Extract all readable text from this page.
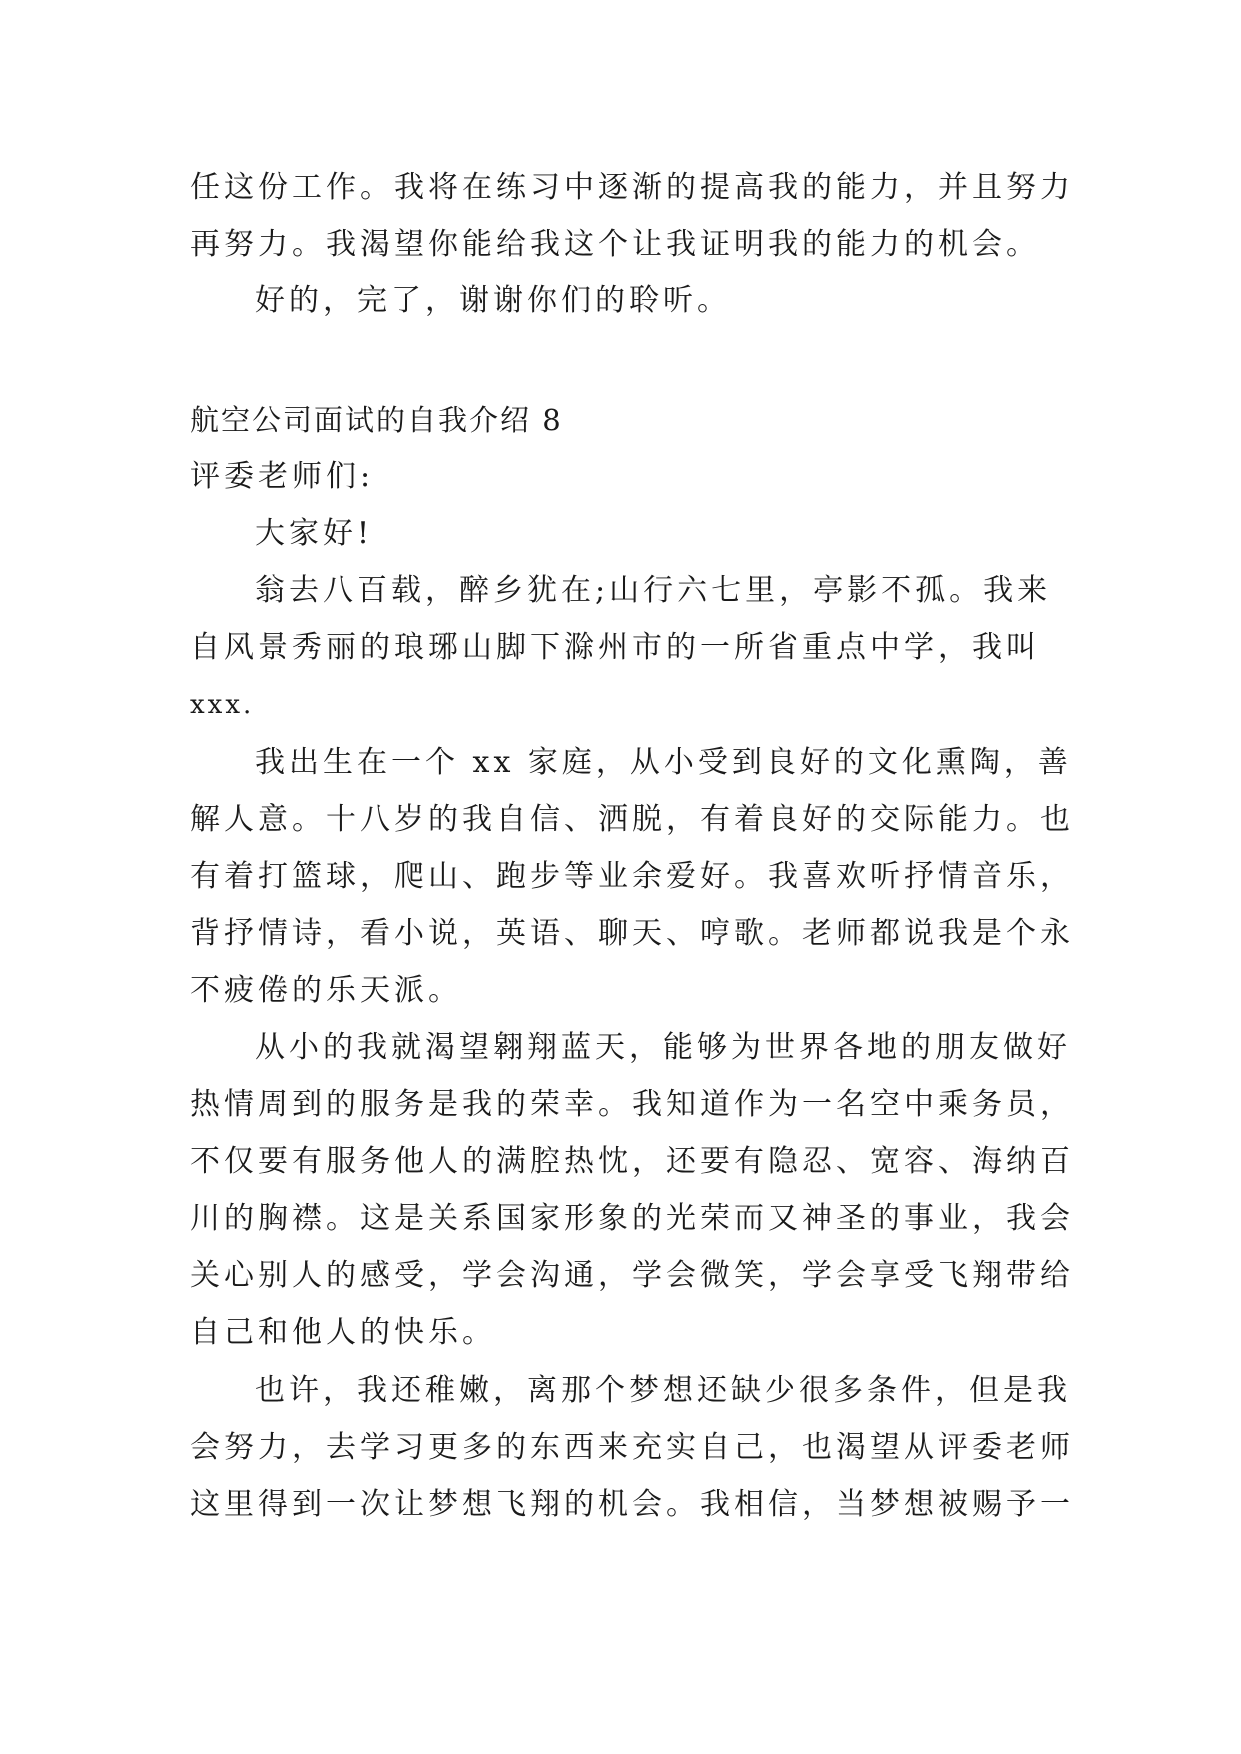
任这份工作。我将在练习中逐渐的提高我的能力，并且努力
再努力。我渴望你能给我这个让我证明我的能力的机会。
好的，完了，谢谢你们的聆听。
航空公司面试的自我介绍 8
评委老师们:
大家好!
翁去八百载，醉乡犹在;山行六七里，亭影不孤。我来
自风景秀丽的琅琊山脚下滁州市的一所省重点中学，我叫
xxx.
我出生在一个 xx 家庭，从小受到良好的文化熏陶，善
解人意。十八岁的我自信、洒脱，有着良好的交际能力。也
有着打篮球，爬山、跑步等业余爱好。我喜欢听抒情音乐，
背抒情诗，看小说，英语、聊天、哼歌。老师都说我是个永
不疲倦的乐天派。
从小的我就渴望翱翔蓝天，能够为世界各地的朋友做好
热情周到的服务是我的荣幸。我知道作为一名空中乘务员，
不仅要有服务他人的满腔热忱，还要有隐忍、宽容、海纳百
川的胸襟。这是关系国家形象的光荣而又神圣的事业，我会
关心别人的感受，学会沟通，学会微笑，学会享受飞翔带给
自己和他人的快乐。
也许，我还稚嫩，离那个梦想还缺少很多条件，但是我
会努力，去学习更多的东西来充实自己，也渴望从评委老师
这里得到一次让梦想飞翔的机会。我相信，当梦想被赐予一
